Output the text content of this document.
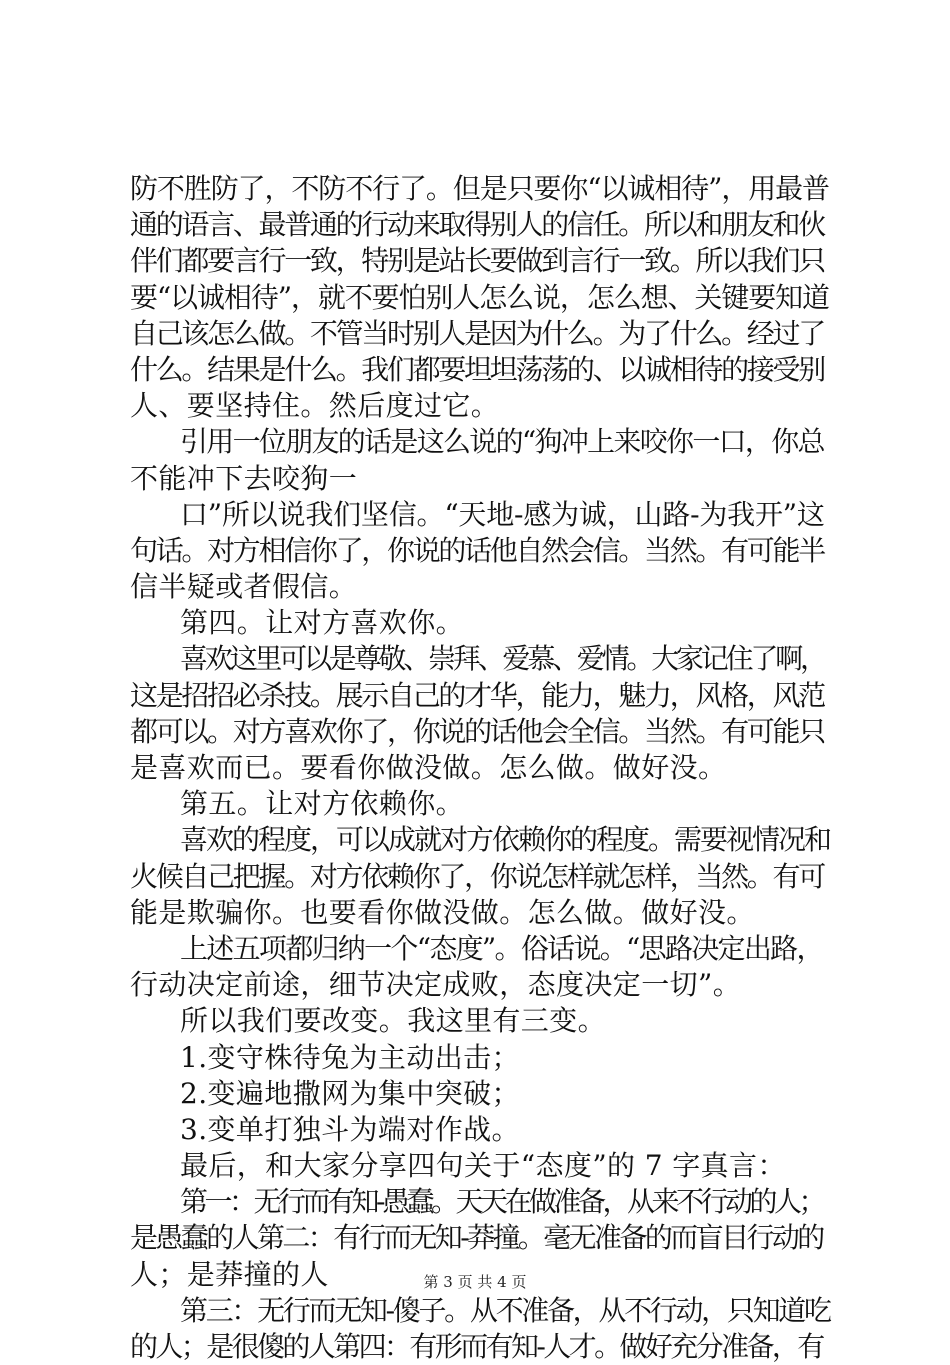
防不胜防了，不防不行了。但是只要你“以诚相待”，用最普
通的语言、最普通的行动来取得别人的信任。所以和朋友和伙
伴们都要言行一致，特别是站长要做到言行一致。所以我们只
要“以诚相待”，就不要怕别人怎么说，怎么想、关键要知道
自己该怎么做。不管当时别人是因为什么。为了什么。经过了
什么。结果是什么。我们都要坦坦荡荡的、以诚相待的接受别
人、要坚持住。然后度过它。
引用一位朋友的话是这么说的“狗冲上来咬你一口，你总
不能冲下去咬狗一
口”所以说我们坚信。“天地-感为诚，山路-为我开”这
句话。对方相信你了，你说的话他自然会信。当然。有可能半
信半疑或者假信。
第四。让对方喜欢你。
喜欢这里可以是尊敬、崇拜、爱慕、爱情。大家记住了啊，
这是招招必杀技。展示自己的才华，能力，魅力，风格，风范
都可以。对方喜欢你了，你说的话他会全信。当然。有可能只
是喜欢而已。要看你做没做。怎么做。做好没。
第五。让对方依赖你。
喜欢的程度，可以成就对方依赖你的程度。需要视情况和
火候自己把握。对方依赖你了，你说怎样就怎样，当然。有可
能是欺骗你。也要看你做没做。怎么做。做好没。
上述五项都归纳一个“态度”。俗话说。“思路决定出路，
行动决定前途，细节决定成败，态度决定一切”。
所以我们要改变。我这里有三变。
1.变守株待兔为主动出击；
2.变遍地撒网为集中突破；
3.变单打独斗为端对作战。
最后，和大家分享四句关于“态度”的 7 字真言：
第一：无行而有知-愚蠢。天天在做准备，从来不行动的人；
是愚蠢的人第二：有行而无知-莽撞。毫无准备的而盲目行动的
人；是莽撞的人
第三：无行而无知-傻子。从不准备，从不行动，只知道吃
的人；是很傻的人第四：有形而有知-人才。做好充分准备，有
第 3 页 共 4 页
